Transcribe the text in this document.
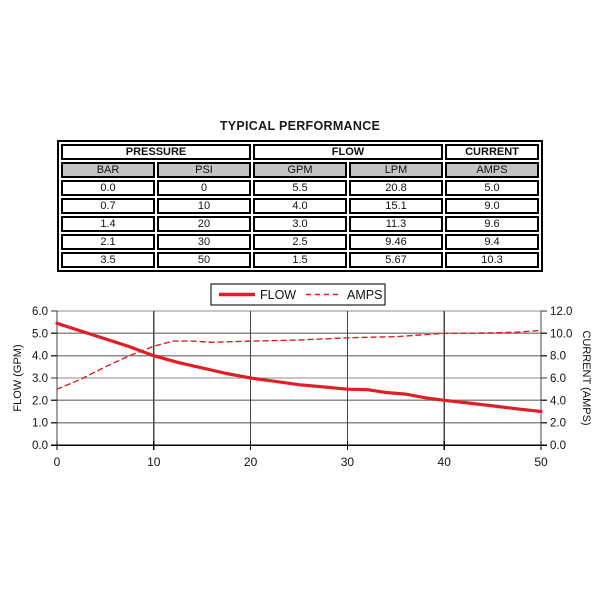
TYPICAL PERFORMANCE
PRESSURE		FLOW		CURRENT
BAR	PSI	GPM	LPM	AMPS
0.0	0	5.5	20.8	5.0
0.7	10	4.0	15.1	9.0
1.4	20	3.0	11.3	9.6
2.1	30	2.5	9.46	9.4
3.5	50	1.5	5.67	10.3
0.0
1.0
2.0
3.0
4.0
5.0
6.0
0.0
2.0
4.0
6.0
8.0
10.0
12.0
0	10	20	30	40	50
FLOW (GPM)	CURRENT (AMPS)
FLOW	AMPS
